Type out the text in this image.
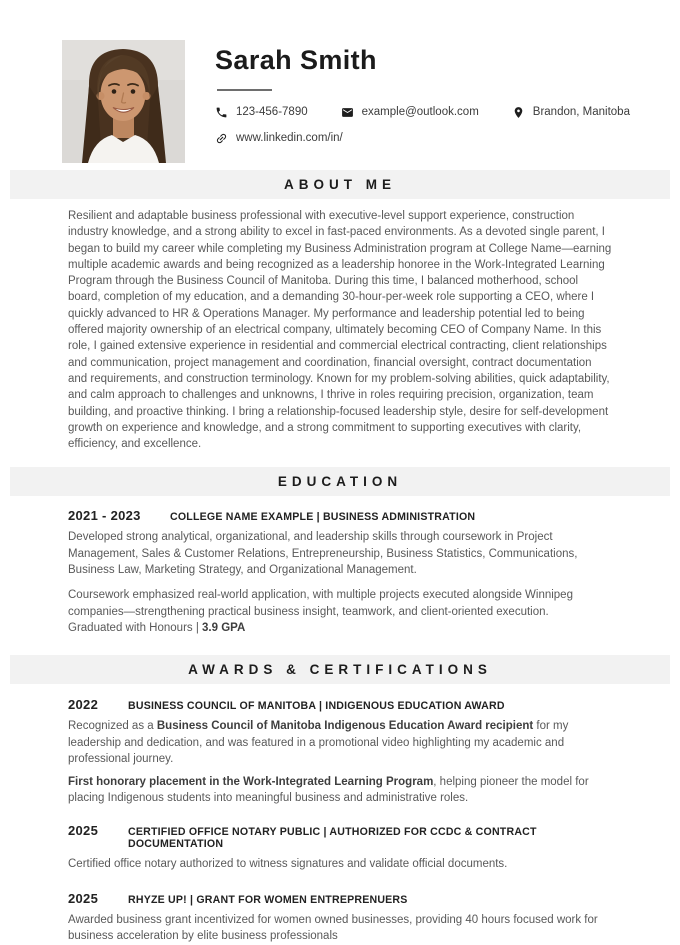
Sarah Smith
123-456-7890	example@outlook.com	Brandon, Manitoba
www.linkedin.com/in/
ABOUT ME

Resilient and adaptable business professional with executive-level support experience, construction industry knowledge, and a strong ability to excel in fast-paced environments. As a devoted single parent, I began to build my career while completing my Business Administration program at College Name—earning multiple academic awards and being recognized as a leadership honoree in the Work-Integrated Learning Program through the Business Council of Manitoba. During this time, I balanced motherhood, school board, completion of my education, and a demanding 30-hour-per-week role supporting a CEO, where I quickly advanced to HR & Operations Manager. My performance and leadership potential led to being offered majority ownership of an electrical company, ultimately becoming CEO of Company Name. In this role, I gained extensive experience in residential and commercial electrical contracting, client relationships and communication, project management and coordination, financial oversight, contract documentation and requirements, and construction terminology. Known for my problem-solving abilities, quick adaptability, and calm approach to challenges and unknowns, I thrive in roles requiring precision, organization, team building, and proactive thinking. I bring a relationship-focused leadership style, desire for self-development growth on experience and knowledge, and a strong commitment to supporting executives with clarity, efficiency, and excellence.

EDUCATION
2021 - 2023	COLLEGE NAME EXAMPLE | BUSINESS ADMINISTRATION

Developed strong analytical, organizational, and leadership skills through coursework in Project Management, Sales & Customer Relations, Entrepreneurship, Business Statistics, Communications, Business Law, Marketing Strategy, and Organizational Management.

Coursework emphasized real-world application, with multiple projects executed alongside Winnipeg companies—strengthening practical business insight, teamwork, and client-oriented execution.

Graduated with Honours | 3.9 GPA

AWARDS & CERTIFICATIONS
2022	BUSINESS COUNCIL OF MANITOBA | INDIGENOUS EDUCATION AWARD

Recognized as a Business Council of Manitoba Indigenous Education Award recipient for my leadership and dedication, and was featured in a promotional video highlighting my academic and professional journey.

First honorary placement in the Work-Integrated Learning Program, helping pioneer the model for placing Indigenous students into meaningful business and administrative roles.

2025	CERTIFIED OFFICE NOTARY PUBLIC | AUTHORIZED FOR CCDC & CONTRACT DOCUMENTATION

Certified office notary authorized to witness signatures and validate official documents.

2025	RHYZE UP! | GRANT FOR WOMEN ENTREPRENUERS

Awarded business grant incentivized for women owned businesses, providing 40 hours focused work for business acceleration by elite business professionals
